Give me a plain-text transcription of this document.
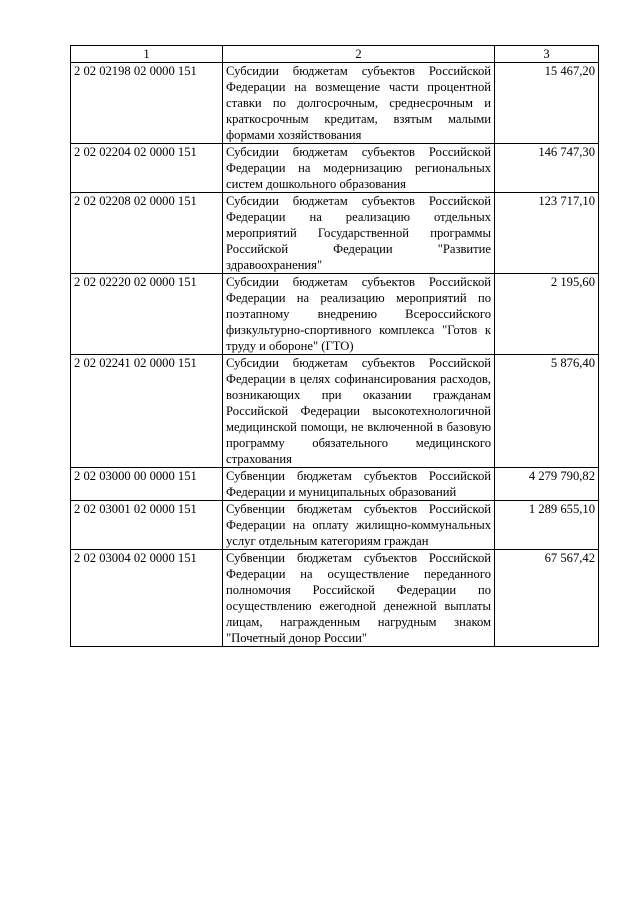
1	2	3
2 02 02198 02 0000 151	Субсидии бюджетам субъектов Российской Федерации на возмещение части процентной ставки по долгосрочным, среднесрочным и краткосрочным кредитам, взятым малыми формами хозяйствования	15 467,20
2 02 02204 02 0000 151	Субсидии бюджетам субъектов Российской Федерации на модернизацию региональных систем дошкольного образования	146 747,30
2 02 02208 02 0000 151	Субсидии бюджетам субъектов Российской Федерации на реализацию отдельных мероприятий Государственной программы Российской Федерации "Развитие здравоохранения"	123 717,10
2 02 02220 02 0000 151	Субсидии бюджетам субъектов Российской Федерации на реализацию мероприятий по поэтапному внедрению Всероссийского физкультурно-спортивного комплекса "Готов к труду и обороне" (ГТО)	2 195,60
2 02 02241 02 0000 151	Субсидии бюджетам субъектов Российской Федерации в целях софинансирования расходов, возникающих при оказании гражданам Российской Федерации высокотехнологичной медицинской помощи, не включенной в базовую программу обязательного медицинского страхования	5 876,40
2 02 03000 00 0000 151	Субвенции бюджетам субъектов Российской Федерации и муниципальных образований	4 279 790,82
2 02 03001 02 0000 151	Субвенции бюджетам субъектов Российской Федерации на оплату жилищно-коммунальных услуг отдельным категориям граждан	1 289 655,10
2 02 03004 02 0000 151	Субвенции бюджетам субъектов Российской Федерации на осуществление переданного полномочия Российской Федерации по осуществлению ежегодной денежной выплаты лицам, награжденным нагрудным знаком "Почетный донор России"	67 567,42
